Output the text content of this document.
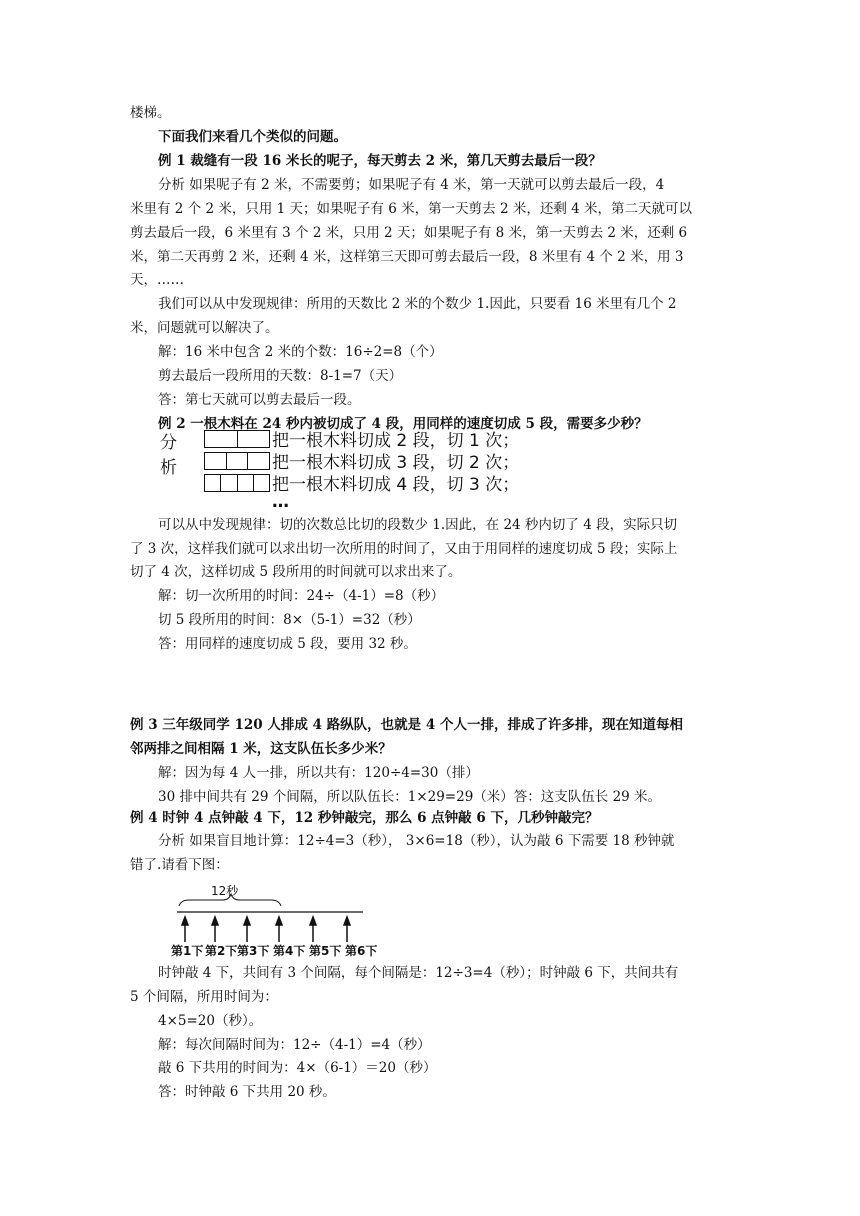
楼梯。
下面我们来看几个类似的问题。
例 1 裁缝有一段 16 米长的呢子，每天剪去 2 米，第几天剪去最后一段？
分析 如果呢子有 2 米，不需要剪；如果呢子有 4 米，第一天就可以剪去最后一段，4
米里有 2 个 2 米，只用 1 天；如果呢子有 6 米，第一天剪去 2 米，还剩 4 米，第二天就可以
剪去最后一段，6 米里有 3 个 2 米，只用 2 天；如果呢子有 8 米，第一天剪去 2 米，还剩 6
米，第二天再剪 2 米，还剩 4 米，这样第三天即可剪去最后一段，8 米里有 4 个 2 米，用 3
天，……
我们可以从中发现规律：所用的天数比 2 米的个数少 1.因此，只要看 16 米里有几个 2
米，问题就可以解决了。
解：16 米中包含 2 米的个数：16÷2=8（个）
剪去最后一段所用的天数：8-1=7（天）
答：第七天就可以剪去最后一段。
例 2 一根木料在 24 秒内被切成了 4 段，用同样的速度切成 5 段，需要多少秒？
分析
把一根木料切成 2 段，切 1 次；
把一根木料切成 3 段，切 2 次；
把一根木料切成 4 段，切 3 次；
…
可以从中发现规律：切的次数总比切的段数少 1.因此，在 24 秒内切了 4 段，实际只切
了 3 次，这样我们就可以求出切一次所用的时间了，又由于用同样的速度切成 5 段；实际上
切了 4 次，这样切成 5 段所用的时间就可以求出来了。
解：切一次所用的时间：24÷（4-1）=8（秒）
切 5 段所用的时间：8×（5-1）=32（秒）
答：用同样的速度切成 5 段，要用 32 秒。
例 3 三年级同学 120 人排成 4 路纵队，也就是 4 个人一排，排成了许多排，现在知道每相
邻两排之间相隔 1 米，这支队伍长多少米？
解：因为每 4 人一排，所以共有：120÷4=30（排）
30 排中间共有 29 个间隔，所以队伍长：1×29=29（米）答：这支队伍长 29 米。
例 4 时钟 4 点钟敲 4 下，12 秒钟敲完，那么 6 点钟敲 6 下，几秒钟敲完？
分析 如果盲目地计算：12÷4=3（秒）， 3×6=18（秒），认为敲 6 下需要 18 秒钟就
错了.请看下图：
12秒
第1下 第2下 第3下 第4下 第5下 第6下
时钟敲 4 下，共间有 3 个间隔，每个间隔是：12÷3=4（秒）；时钟敲 6 下，共间共有
5 个间隔，所用时间为：
4×5=20（秒）。
解：每次间隔时间为：12÷（4-1）=4（秒）
敲 6 下共用的时间为：4×（6-1）＝20（秒）
答：时钟敲 6 下共用 20 秒。
